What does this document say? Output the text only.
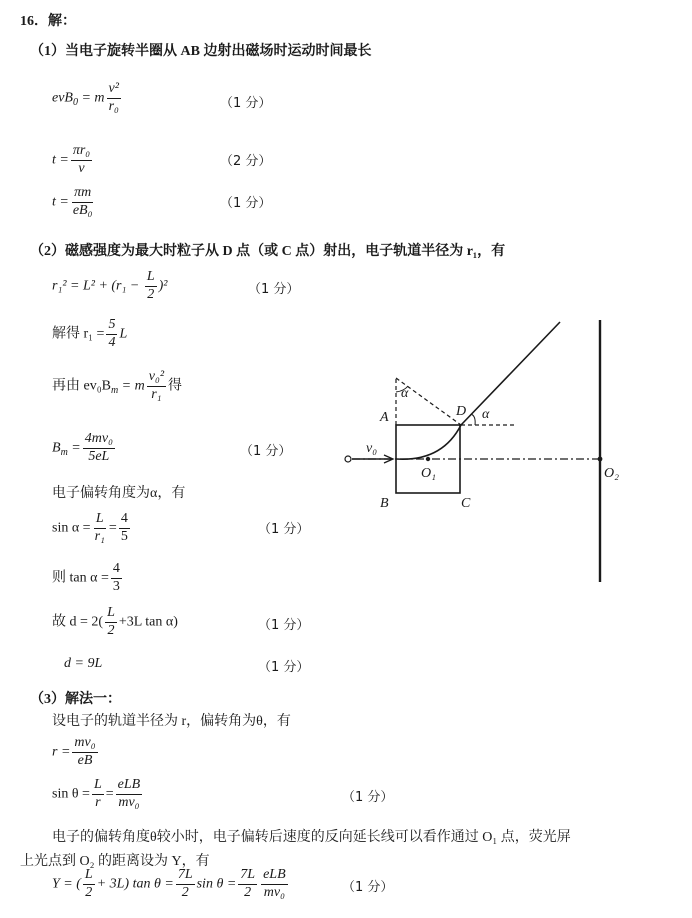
16．解：
（1）当电子旋转半圈从 AB 边射出磁场时运动时间最长
evB$_0$ = m $\frac{\text{v²}}{\text{r₀}}$	（1 分）
$t = \frac{\text{πr₀}}{v}$	（2 分）
$t = \frac{\pi m}{\text{eB₀}}$	（1 分）
（2）磁感强度为最大时粒子从 D 点（或 C 点）射出，电子轨道半径为 r₁，有
$r_1^2 = L^2 + (r_1 - \frac{L}{2} )^2$	（1 分）
解得 $r_1 = \frac{5}{4}$ L
再由 $ev_0B_m = m \frac{\text{v₀²}}{\text{r₁}}$ 得
$B_m = \frac{\text{4mv₀}}{5eL}$	（1 分）
电子偏转角度为α，有
$\sin \alpha = \frac{L}{\text{r₁}} = \frac{4}{5}$	（1 分）
则 $\tan \alpha = \frac{4}{3}$
故 $d = 2( \frac{L}{2} +3L$ tan α)	（1 分）
d = 9L	（1 分）
（3）解法一：
设电子的轨道半径为 r，偏转角为θ，有
$r = \frac{\text{mv₀}}{eB}$
$\sin \theta = \frac{L}{r} = \frac{\text{eLB}}{\text{mv₀}}$	（1 分）
电子的偏转角度θ较小时，电子偏转后速度的反向延长线可以看作通过 O₁ 点，荧光屏
上光点到 O₂ 的距离设为 Y，有
Y = ( $\frac{L}{2} + 3L$) $\tan \theta = \frac{7L}{2}$ $\sin \theta = \frac{7L}{2} \frac{\text{eLB}}{\text{mv₀}}$	（1 分）
A
B	C
D
O₁	O₂
v₀
α
α
